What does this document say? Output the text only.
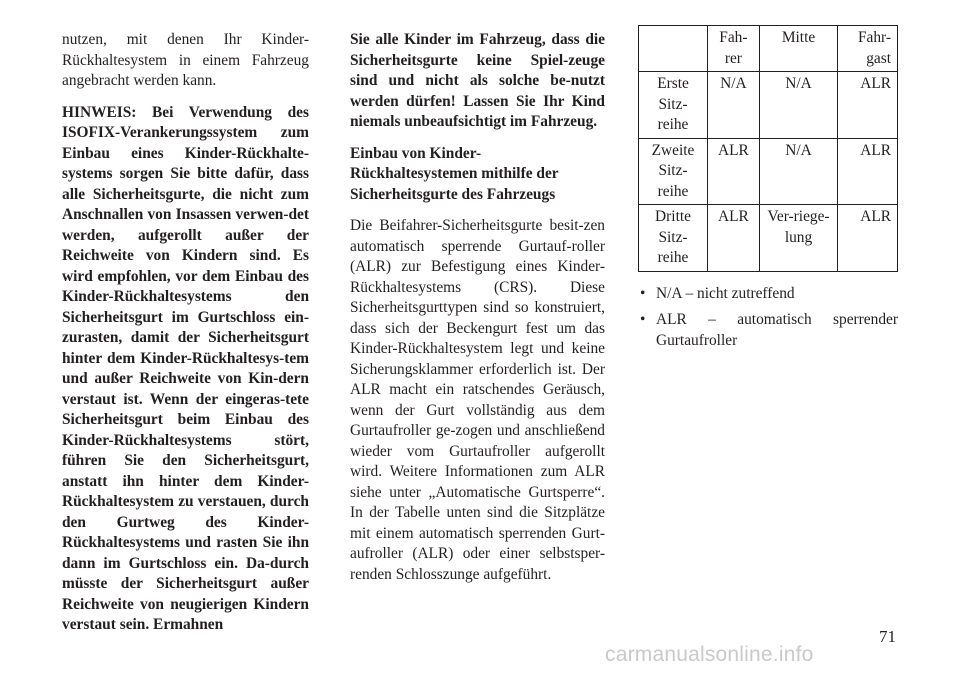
nutzen, mit denen Ihr Kinder-Rückhaltesystem in einem Fahrzeug angebracht werden kann.

HINWEIS: Bei Verwendung des ISOFIX-Verankerungssystem zum Einbau eines Kinder-Rückhalte-systems sorgen Sie bitte dafür, dass alle Sicherheitsgurte, die nicht zum Anschnallen von Insassen verwen-det werden, aufgerollt außer der Reichweite von Kindern sind. Es wird empfohlen, vor dem Einbau des Kinder-Rückhaltesystems den Sicherheitsgurt im Gurtschloss ein-zurasten, damit der Sicherheitsgurt hinter dem Kinder-Rückhaltesys-tem und außer Reichweite von Kin-dern verstaut ist. Wenn der eingeras-tete Sicherheitsgurt beim Einbau des Kinder-Rückhaltesystems stört, führen Sie den Sicherheitsgurt, anstatt ihn hinter dem Kinder-Rückhaltesystem zu verstauen, durch den Gurtweg des Kinder-Rückhaltesystems und rasten Sie ihn dann im Gurtschloss ein. Da-durch müsste der Sicherheitsgurt außer Reichweite von neugierigen Kindern verstaut sein. Ermahnen

Sie alle Kinder im Fahrzeug, dass die Sicherheitsgurte keine Spiel-zeuge sind und nicht als solche be-nutzt werden dürfen! Lassen Sie Ihr Kind niemals unbeaufsichtigt im Fahrzeug.

Einbau von Kinder-Rückhaltesystemen mithilfe der Sicherheitsgurte des Fahrzeugs

Die Beifahrer-Sicherheitsgurte besit-zen automatisch sperrende Gurtauf-roller (ALR) zur Befestigung eines Kinder-Rückhaltesystems (CRS). Diese Sicherheitsgurttypen sind so konstruiert, dass sich der Beckengurt fest um das Kinder-Rückhaltesystem legt und keine Sicherungsklammer erforderlich ist. Der ALR macht ein ratschendes Geräusch, wenn der Gurt vollständig aus dem Gurtaufroller ge-zogen und anschließend wieder vom Gurtaufroller aufgerollt wird. Weitere Informationen zum ALR siehe unter „Automatische Gurtsperre“. In der Tabelle unten sind die Sitzplätze mit einem automatisch sperrenden Gurt-aufroller (ALR) oder einer selbstsper-renden Schlosszunge aufgeführt.

	Fah-rer	Mitte	Fahr-gast
Erste Sitz-reihe	N/A	N/A	ALR
Zweite Sitz-reihe	ALR	N/A	ALR
Dritte Sitz-reihe	ALR	Ver-riege-lung	ALR
• N/A – nicht zutreffend
• ALR – automatisch sperrender Gurtaufroller
71
carmanualsonline.info
